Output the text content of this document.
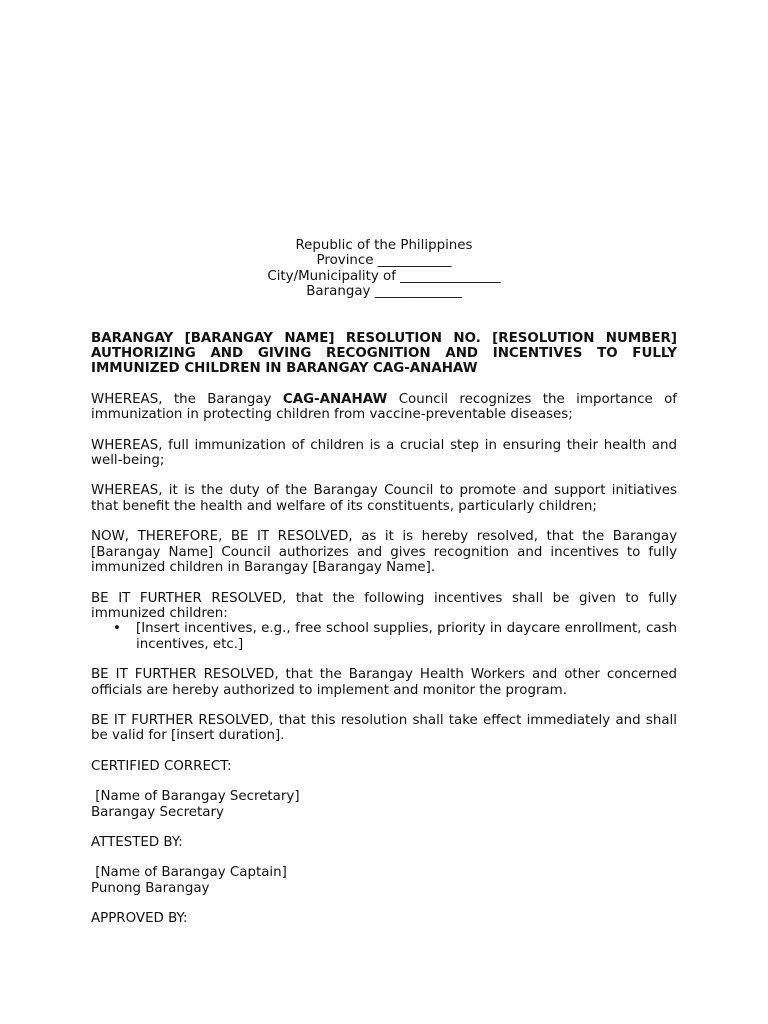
Republic of the Philippines
Province ___________
City/Municipality of _______________
Barangay _____________
BARANGAY [BARANGAY NAME] RESOLUTION NO. [RESOLUTION NUMBER] AUTHORIZING AND GIVING RECOGNITION AND INCENTIVES TO FULLY IMMUNIZED CHILDREN IN BARANGAY CAG-ANAHAW
WHEREAS, the Barangay CAG-ANAHAW Council recognizes the importance of immunization in protecting children from vaccine-preventable diseases;
WHEREAS, full immunization of children is a crucial step in ensuring their health and well-being;
WHEREAS, it is the duty of the Barangay Council to promote and support initiatives that benefit the health and welfare of its constituents, particularly children;
NOW, THEREFORE, BE IT RESOLVED, as it is hereby resolved, that the Barangay [Barangay Name] Council authorizes and gives recognition and incentives to fully immunized children in Barangay [Barangay Name].
BE IT FURTHER RESOLVED, that the following incentives shall be given to fully immunized children:
• [Insert incentives, e.g., free school supplies, priority in daycare enrollment, cash incentives, etc.]
BE IT FURTHER RESOLVED, that the Barangay Health Workers and other concerned officials are hereby authorized to implement and monitor the program.
BE IT FURTHER RESOLVED, that this resolution shall take effect immediately and shall be valid for [insert duration].
CERTIFIED CORRECT:
[Name of Barangay Secretary]
Barangay Secretary
ATTESTED BY:
[Name of Barangay Captain]
Punong Barangay
APPROVED BY:
